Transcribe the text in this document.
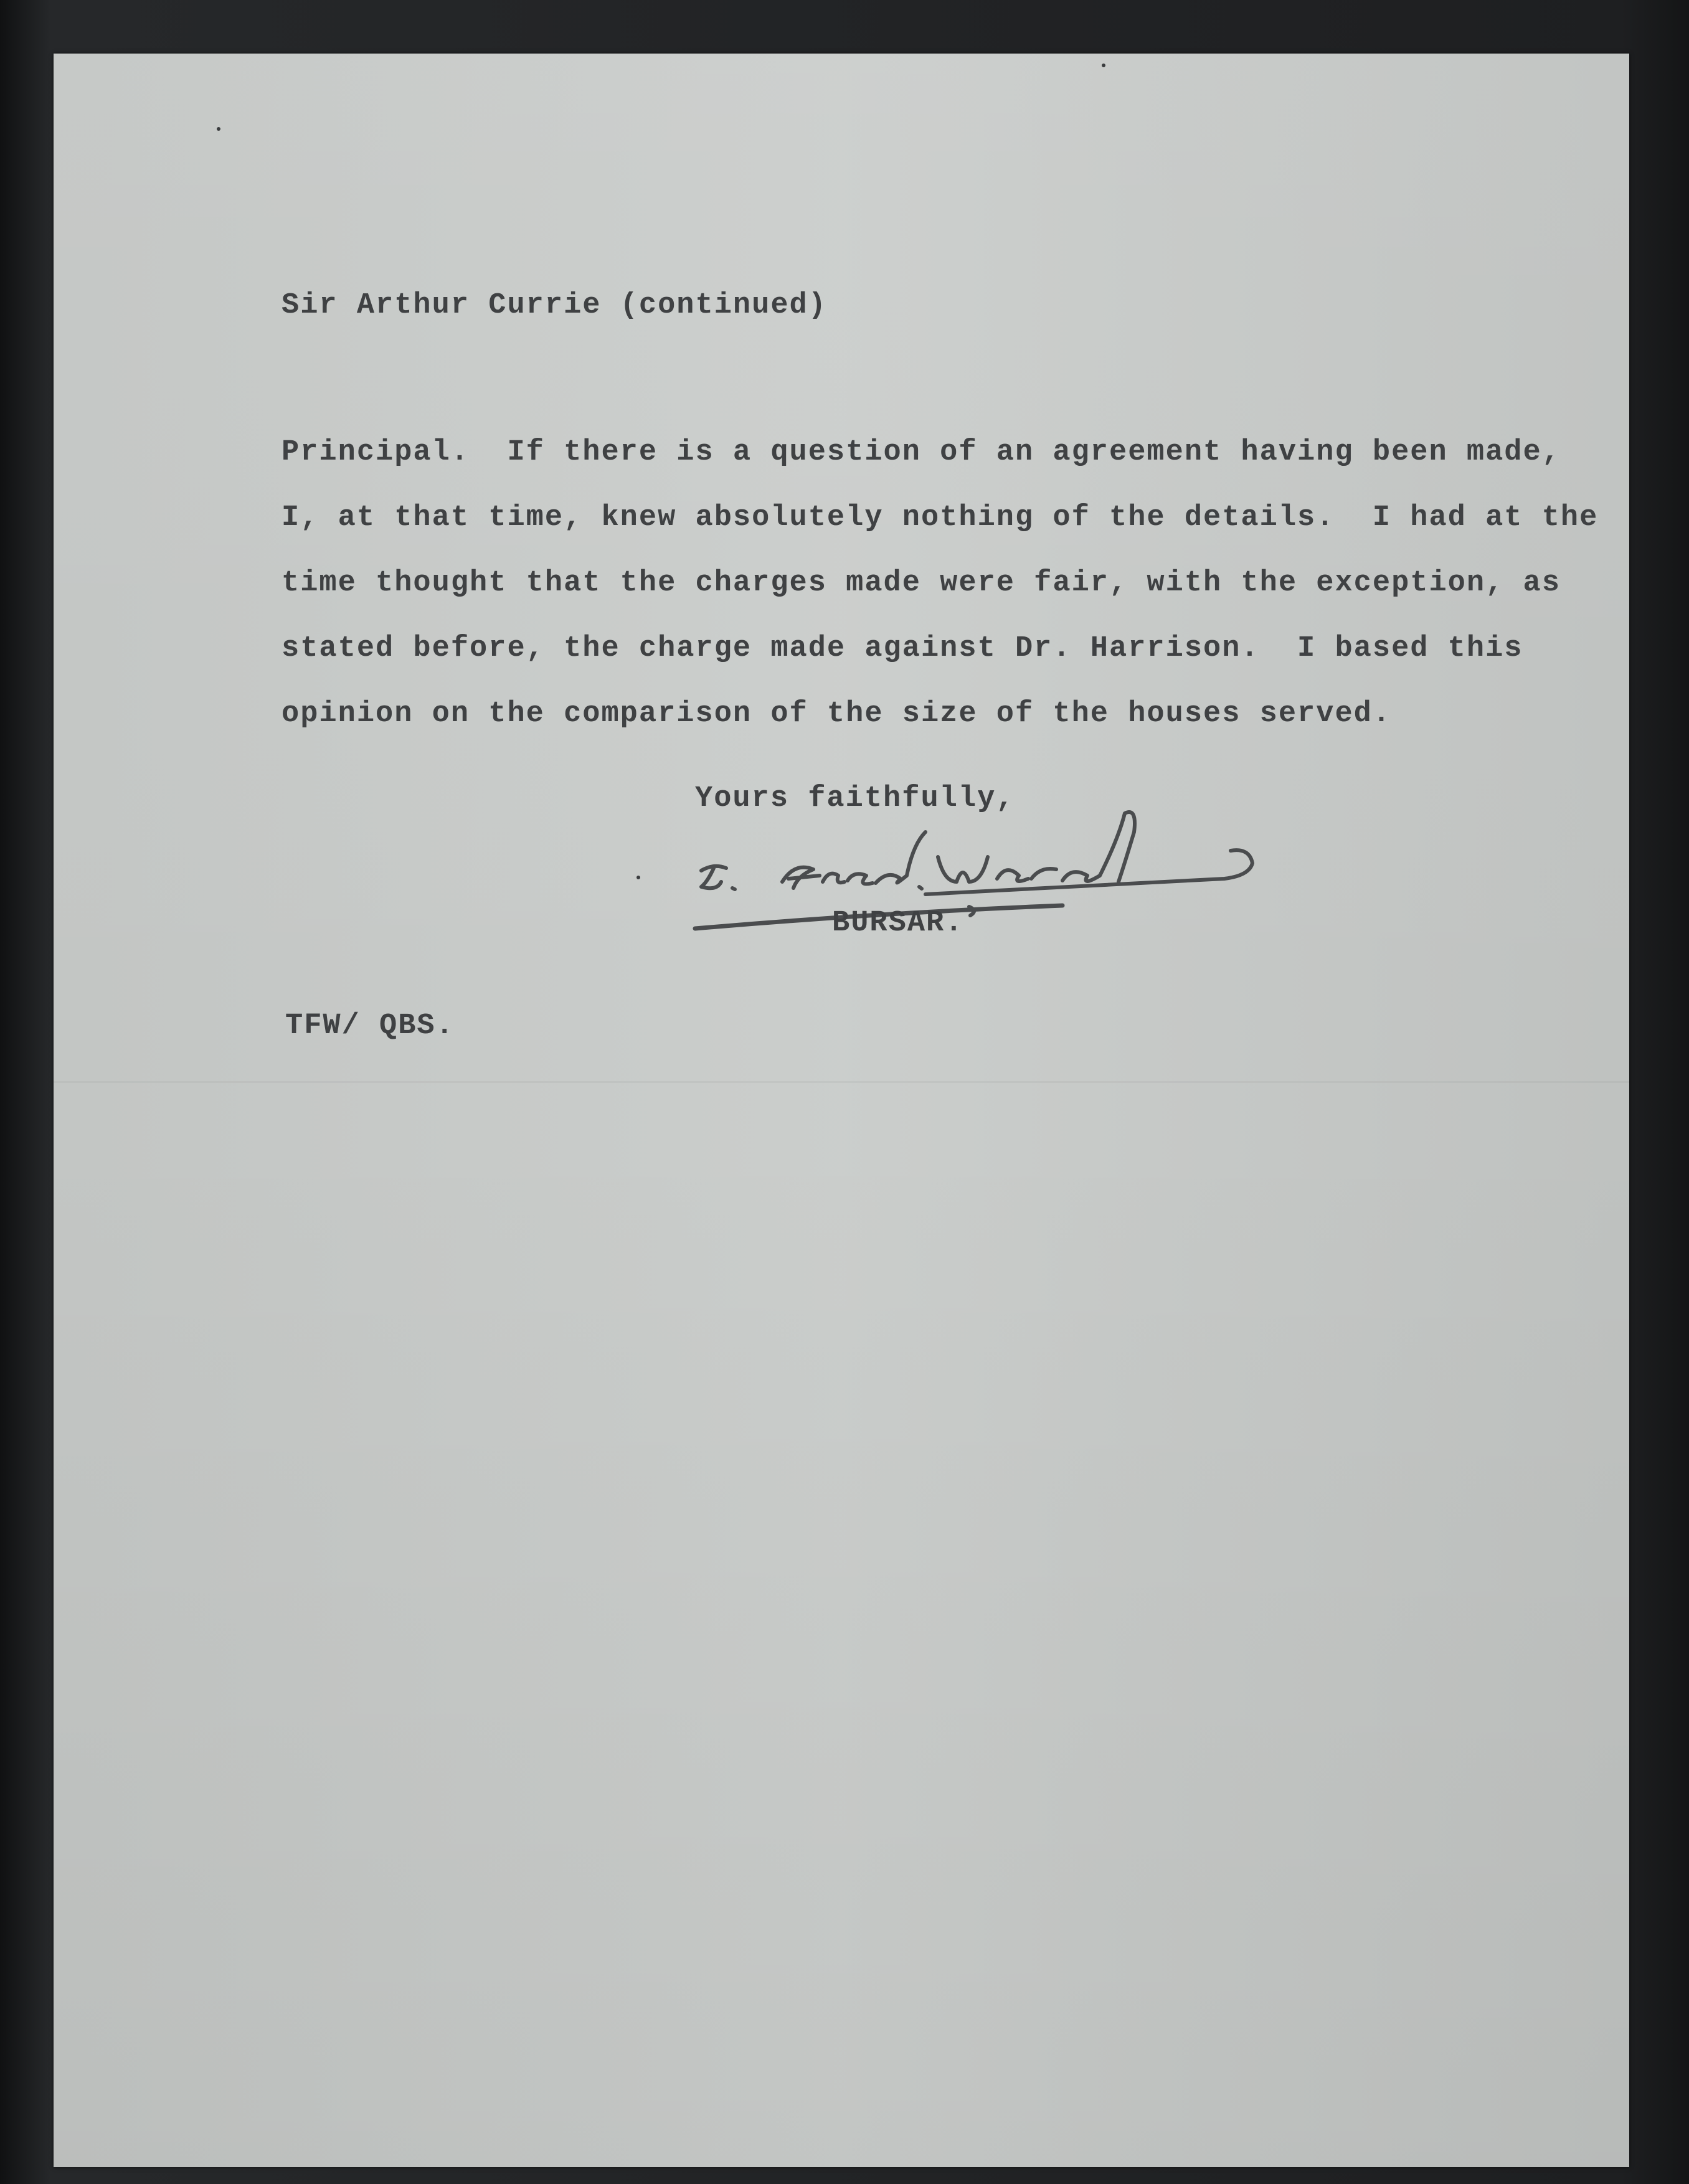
Sir Arthur Currie (continued)
Principal.  If there is a question of an agreement having been made,
I, at that time, knew absolutely nothing of the details.  I had at the
time thought that the charges made were fair, with the exception, as
stated before, the charge made against Dr. Harrison.  I based this
opinion on the comparison of the size of the houses served.
Yours faithfully,
BURSAR.
TFW/ QBS.
